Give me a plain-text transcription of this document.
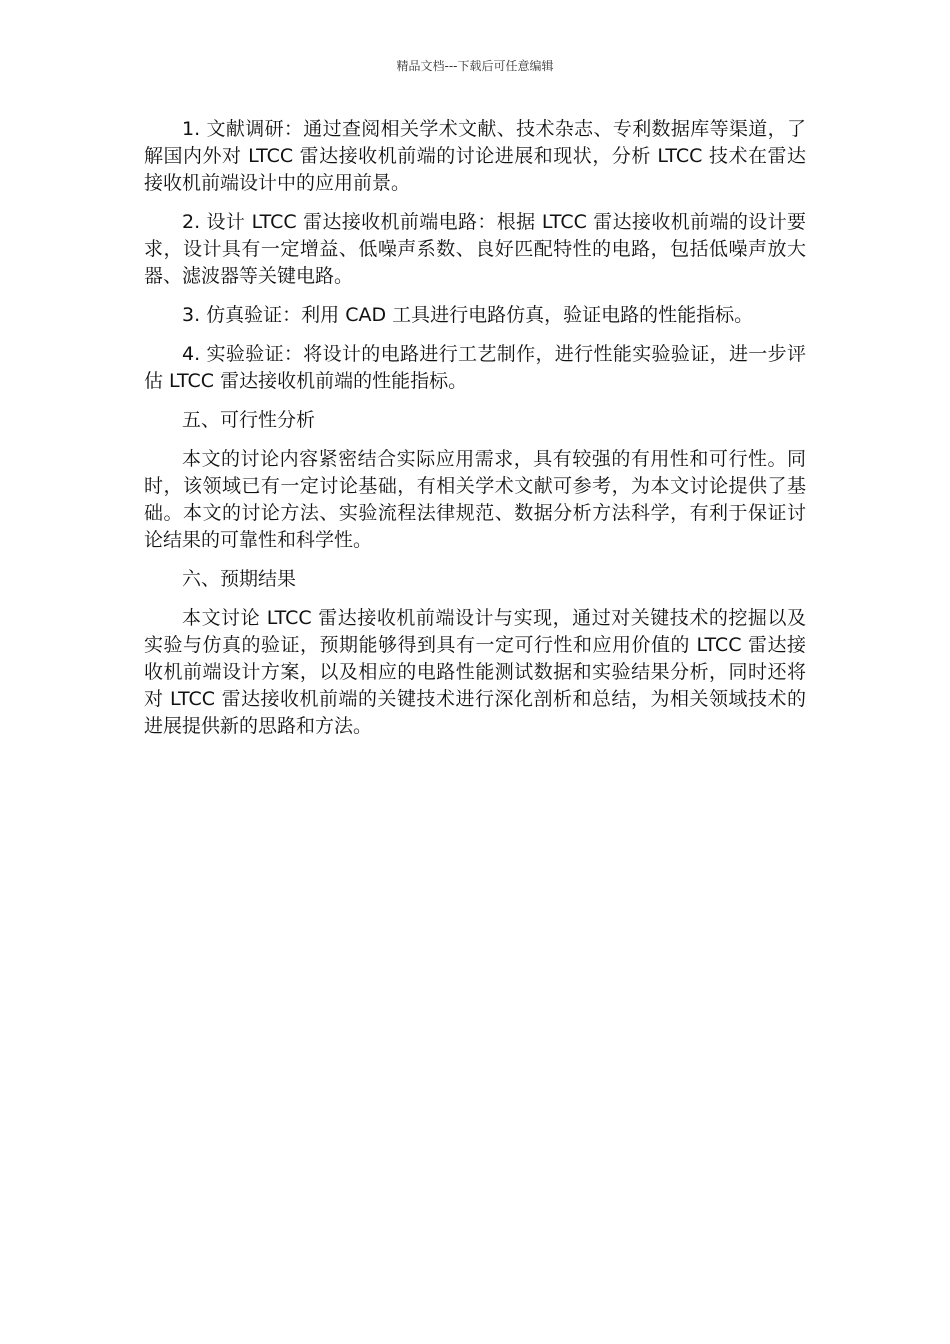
精品文档---下载后可任意编辑

1. 文献调研：通过查阅相关学术文献、技术杂志、专利数据库等渠道，了解国内外对 LTCC 雷达接收机前端的讨论进展和现状，分析 LTCC 技术在雷达接收机前端设计中的应用前景。

2. 设计 LTCC 雷达接收机前端电路：根据 LTCC 雷达接收机前端的设计要求，设计具有一定增益、低噪声系数、良好匹配特性的电路，包括低噪声放大器、滤波器等关键电路。

3. 仿真验证：利用 CAD 工具进行电路仿真，验证电路的性能指标。

4. 实验验证：将设计的电路进行工艺制作，进行性能实验验证，进一步评估 LTCC 雷达接收机前端的性能指标。

五、可行性分析

本文的讨论内容紧密结合实际应用需求，具有较强的有用性和可行性。同时，该领域已有一定讨论基础，有相关学术文献可参考，为本文讨论提供了基础。本文的讨论方法、实验流程法律规范、数据分析方法科学，有利于保证讨论结果的可靠性和科学性。

六、预期结果

本文讨论 LTCC 雷达接收机前端设计与实现，通过对关键技术的挖掘以及实验与仿真的验证，预期能够得到具有一定可行性和应用价值的 LTCC 雷达接收机前端设计方案，以及相应的电路性能测试数据和实验结果分析，同时还将对 LTCC 雷达接收机前端的关键技术进行深化剖析和总结，为相关领域技术的进展提供新的思路和方法。
